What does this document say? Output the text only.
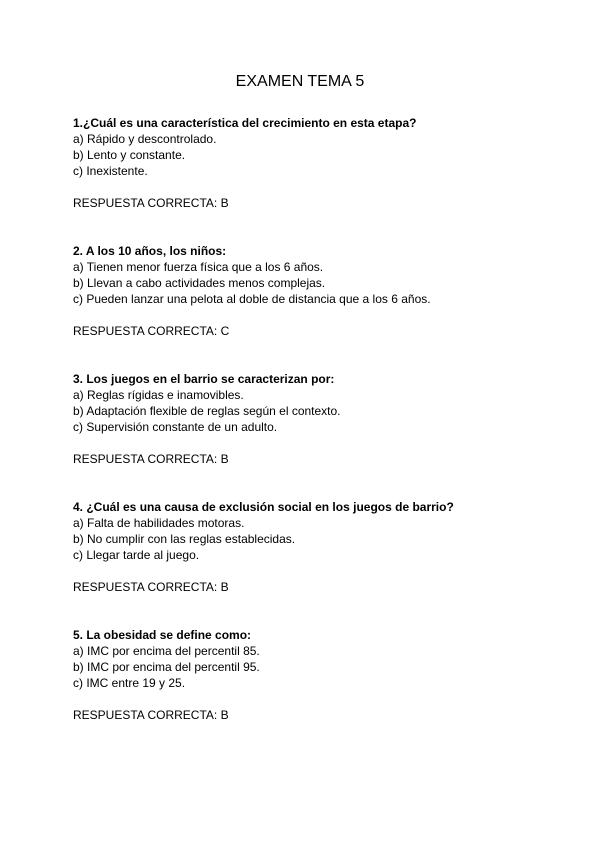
EXAMEN TEMA 5
1.¿Cuál es una característica del crecimiento en esta etapa?
a) Rápido y descontrolado.
b) Lento y constante.
c) Inexistente.
RESPUESTA CORRECTA: B
2. A los 10 años, los niños:
a) Tienen menor fuerza física que a los 6 años.
b) Llevan a cabo actividades menos complejas.
c) Pueden lanzar una pelota al doble de distancia que a los 6 años.
RESPUESTA CORRECTA: C
3. Los juegos en el barrio se caracterizan por:
a) Reglas rígidas e inamovibles.
b) Adaptación flexible de reglas según el contexto.
c) Supervisión constante de un adulto.
RESPUESTA CORRECTA: B
4. ¿Cuál es una causa de exclusión social en los juegos de barrio?
a) Falta de habilidades motoras.
b) No cumplir con las reglas establecidas.
c) Llegar tarde al juego.
RESPUESTA CORRECTA: B
5. La obesidad se define como:
a) IMC por encima del percentil 85.
b) IMC por encima del percentil 95.
c) IMC entre 19 y 25.
RESPUESTA CORRECTA: B
